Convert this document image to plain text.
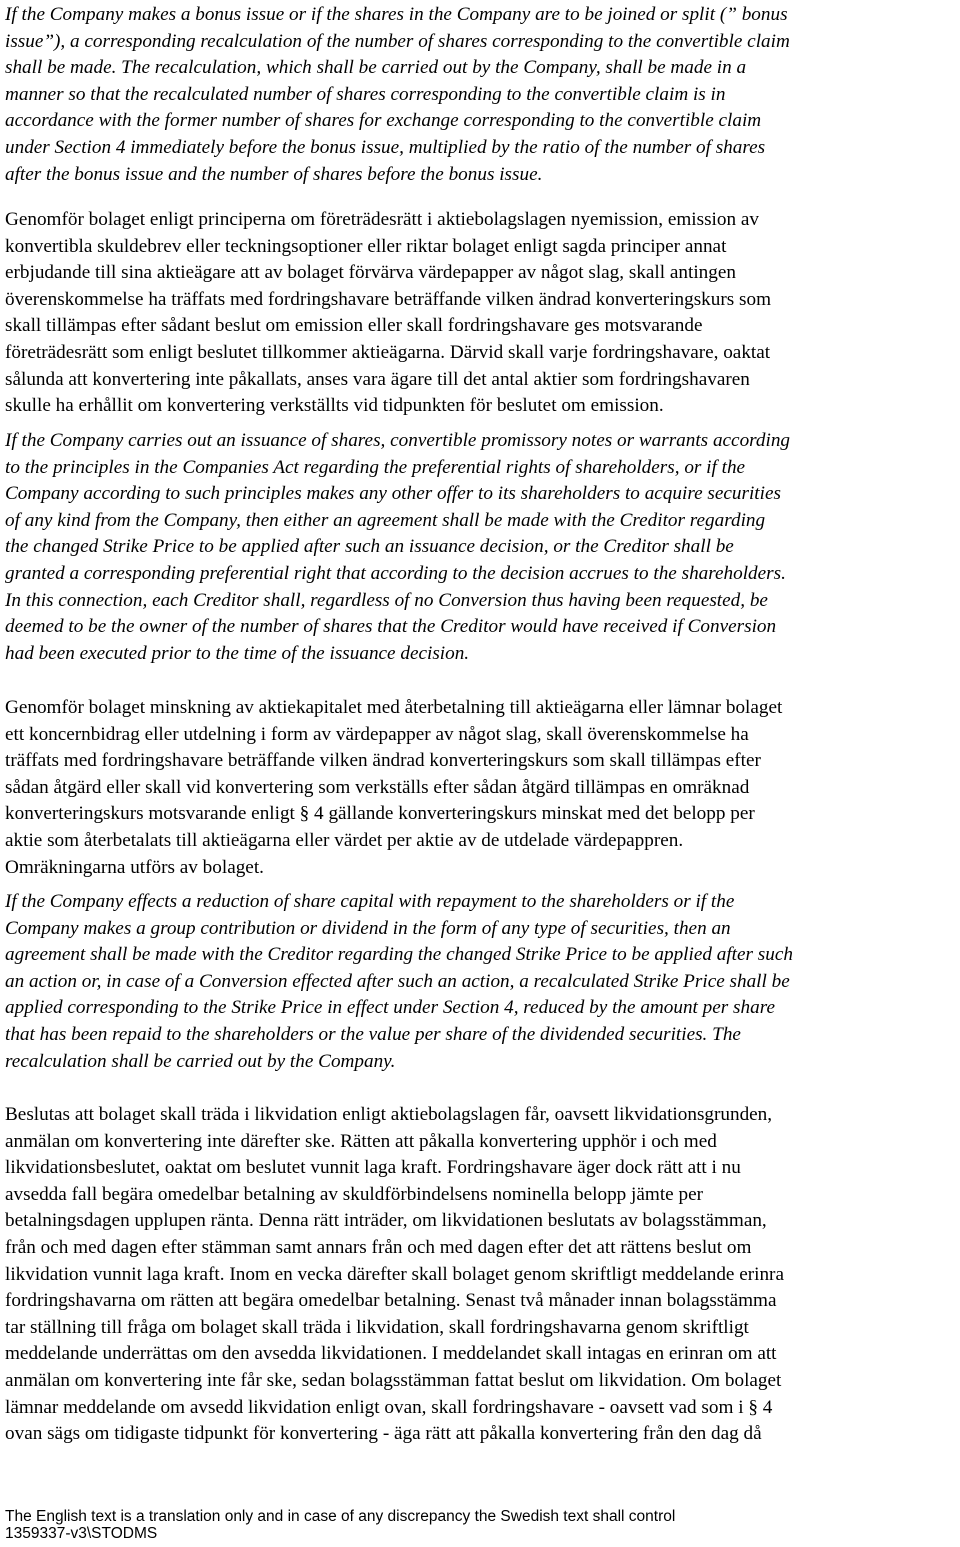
If the Company makes a bonus issue or if the shares in the Company are to be joined or split (” bonus
issue”), a corresponding recalculation of the number of shares corresponding to the convertible claim
shall be made. The recalculation, which shall be carried out by the Company, shall be made in a
manner so that the recalculated number of shares corresponding to the convertible claim is in
accordance with the former number of shares for exchange corresponding to the convertible claim
under Section 4 immediately before the bonus issue, multiplied by the ratio of the number of shares
after the bonus issue and the number of shares before the bonus issue.
Genomför bolaget enligt principerna om företrädesrätt i aktiebolagslagen nyemission, emission av
konvertibla skuldebrev eller teckningsoptioner eller riktar bolaget enligt sagda principer annat
erbjudande till sina aktieägare att av bolaget förvärva värdepapper av något slag, skall antingen
överenskommelse ha träffats med fordringshavare beträffande vilken ändrad konverteringskurs som
skall tillämpas efter sådant beslut om emission eller skall fordringshavare ges motsvarande
företrädesrätt som enligt beslutet tillkommer aktieägarna. Därvid skall varje fordringshavare, oaktat
sålunda att konvertering inte påkallats, anses vara ägare till det antal aktier som fordringshavaren
skulle ha erhållit om konvertering verkställts vid tidpunkten för beslutet om emission.
If the Company carries out an issuance of shares, convertible promissory notes or warrants according
to the principles in the Companies Act regarding the preferential rights of shareholders, or if the
Company according to such principles makes any other offer to its shareholders to acquire securities
of any kind from the Company, then either an agreement shall be made with the Creditor regarding
the changed Strike Price to be applied after such an issuance decision, or the Creditor shall be
granted a corresponding preferential right that according to the decision accrues to the shareholders.
In this connection, each Creditor shall, regardless of no Conversion thus having been requested, be
deemed to be the owner of the number of shares that the Creditor would have received if Conversion
had been executed prior to the time of the issuance decision.
Genomför bolaget minskning av aktiekapitalet med återbetalning till aktieägarna eller lämnar bolaget
ett koncernbidrag eller utdelning i form av värdepapper av något slag, skall överenskommelse ha
träffats med fordringshavare beträffande vilken ändrad konverteringskurs som skall tillämpas efter
sådan åtgärd eller skall vid konvertering som verkställs efter sådan åtgärd tillämpas en omräknad
konverteringskurs motsvarande enligt § 4 gällande konverteringskurs minskat med det belopp per
aktie som återbetalats till aktieägarna eller värdet per aktie av de utdelade värdepappren.
Omräkningarna utförs av bolaget.
If the Company effects a reduction of share capital with repayment to the shareholders or if the
Company makes a group contribution or dividend in the form of any type of securities, then an
agreement shall be made with the Creditor regarding the changed Strike Price to be applied after such
an action or, in case of a Conversion effected after such an action, a recalculated Strike Price shall be
applied corresponding to the Strike Price in effect under Section 4, reduced by the amount per share
that has been repaid to the shareholders or the value per share of the dividended securities. The
recalculation shall be carried out by the Company.
Beslutas att bolaget skall träda i likvidation enligt aktiebolagslagen får, oavsett likvidationsgrunden,
anmälan om konvertering inte därefter ske. Rätten att påkalla konvertering upphör i och med
likvidationsbeslutet, oaktat om beslutet vunnit laga kraft. Fordringshavare äger dock rätt att i nu
avsedda fall begära omedelbar betalning av skuldförbindelsens nominella belopp jämte per
betalningsdagen upplupen ränta. Denna rätt inträder, om likvidationen beslutats av bolagsstämman,
från och med dagen efter stämman samt annars från och med dagen efter det att rättens beslut om
likvidation vunnit laga kraft. Inom en vecka därefter skall bolaget genom skriftligt meddelande erinra
fordringshavarna om rätten att begära omedelbar betalning. Senast två månader innan bolagsstämma
tar ställning till fråga om bolaget skall träda i likvidation, skall fordringshavarna genom skriftligt
meddelande underrättas om den avsedda likvidationen. I meddelandet skall intagas en erinran om att
anmälan om konvertering inte får ske, sedan bolagsstämman fattat beslut om likvidation. Om bolaget
lämnar meddelande om avsedd likvidation enligt ovan, skall fordringshavare - oavsett vad som i § 4
ovan sägs om tidigaste tidpunkt för konvertering - äga rätt att påkalla konvertering från den dag då
The English text is a translation only and in case of any discrepancy the Swedish text shall control
1359337-v3\STODMS
